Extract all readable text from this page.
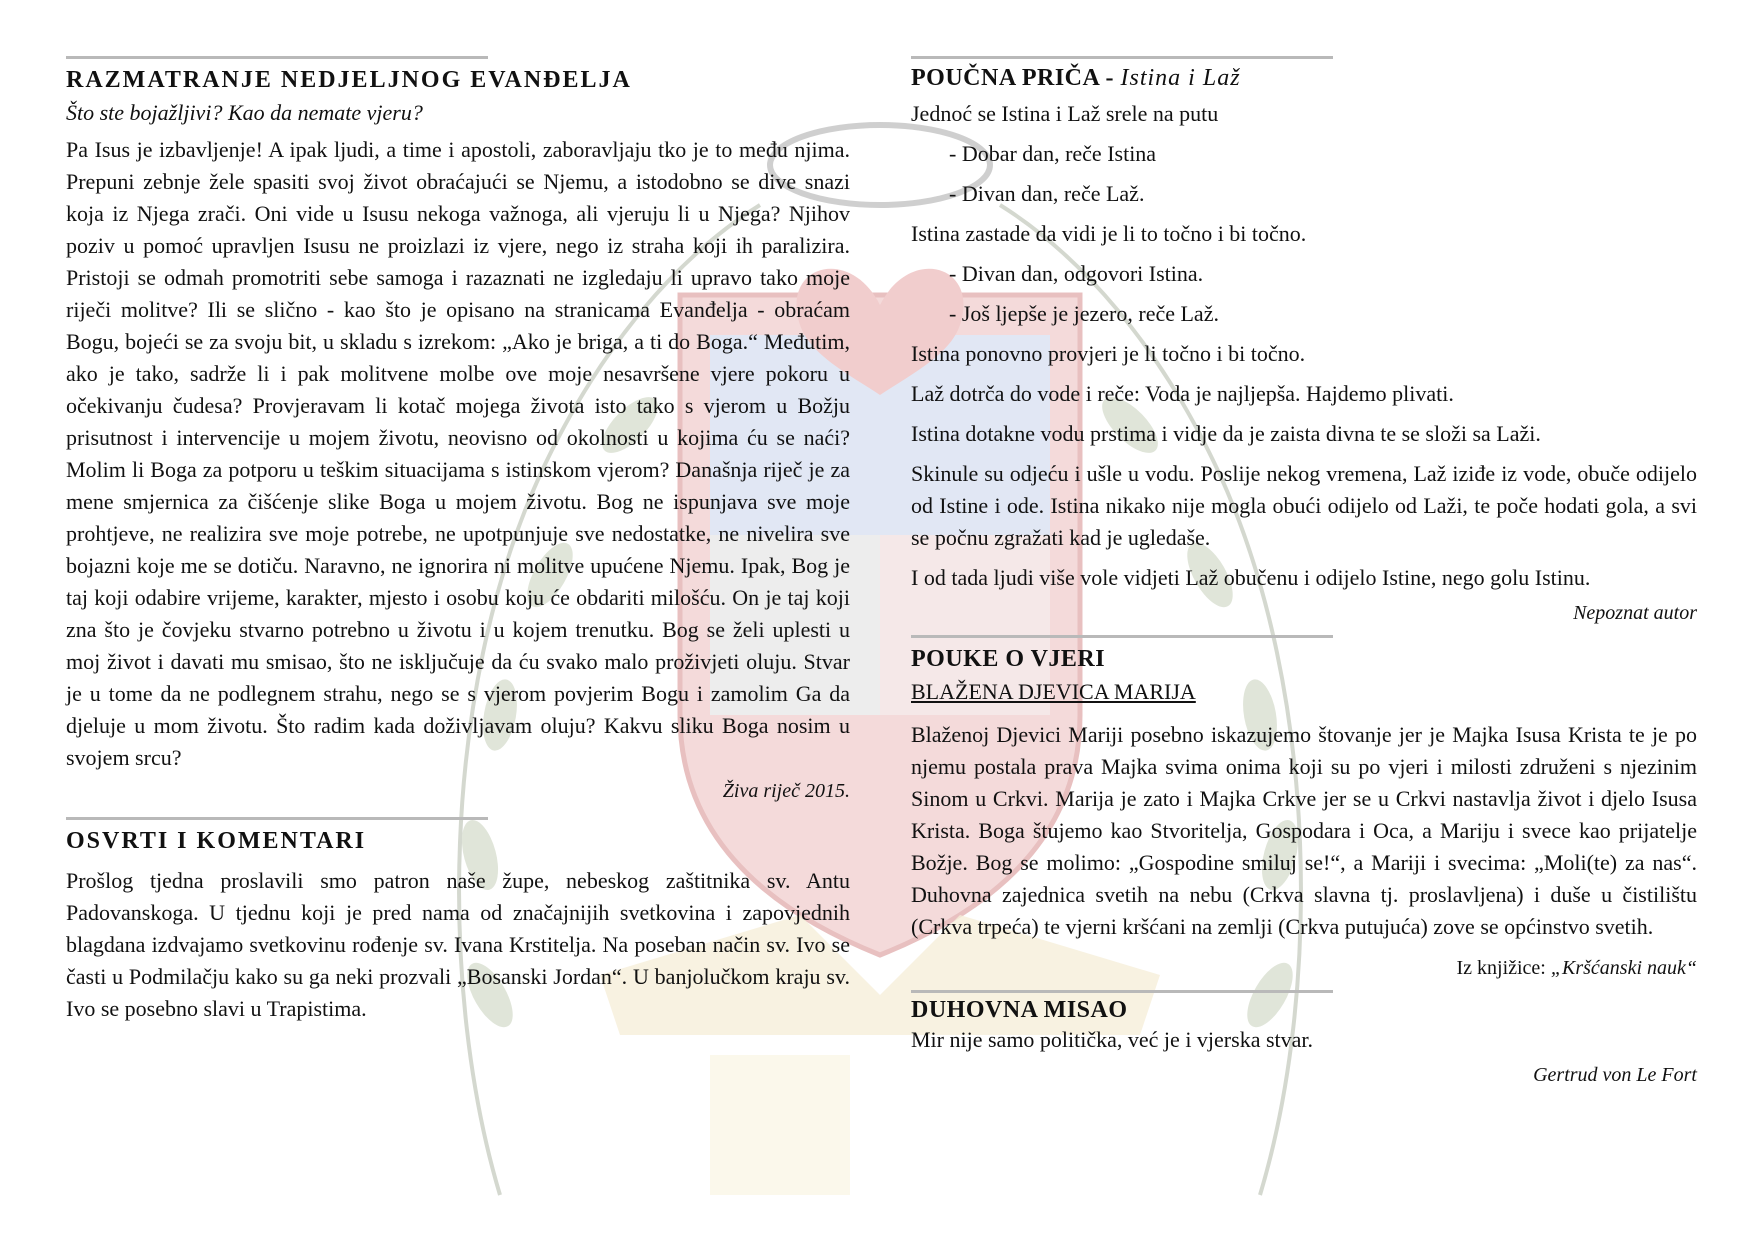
RAZMATRANJE NEDJELJNOG EVANĐELJA
Što ste bojažljivi? Kao da nemate vjeru?

Pa Isus je izbavljenje! A ipak ljudi, a time i apostoli, zaboravljaju tko je to među njima. Prepuni zebnje žele spasiti svoj život obraćajući se Njemu, a istodobno se dive snazi koja iz Njega zrači. Oni vide u Isusu nekoga važnoga, ali vjeruju li u Njega? Njihov poziv u pomoć upravljen Isusu ne proizlazi iz vjere, nego iz straha koji ih paralizira. Pristoji se odmah promotriti sebe samoga i razaznati ne izgledaju li upravo tako moje riječi molitve? Ili se slično - kao što je opisano na stranicama Evanđelja - obraćam Bogu, bojeći se za svoju bit, u skladu s izrekom: „Ako je briga, a ti do Boga.“ Međutim, ako je tako, sadrže li i pak molitvene molbe ove moje nesavršene vjere pokoru u očekivanju čudesa? Provjeravam li kotač mojega života isto tako s vjerom u Božju prisutnost i intervencije u mojem životu, neovisno od okolnosti u kojima ću se naći? Molim li Boga za potporu u teškim situacijama s istinskom vjerom? Današnja riječ je za mene smjernica za čišćenje slike Boga u mojem životu. Bog ne ispunjava sve moje prohtjeve, ne realizira sve moje potrebe, ne upotpunjuje sve nedostatke, ne nivelira sve bojazni koje me se dotiču. Naravno, ne ignorira ni molitve upućene Njemu. Ipak, Bog je taj koji odabire vrijeme, karakter, mjesto i osobu koju će obdariti milošću. On je taj koji zna što je čovjeku stvarno potrebno u životu i u kojem trenutku. Bog se želi uplesti u moj život i davati mu smisao, što ne isključuje da ću svako malo proživjeti oluju. Stvar je u tome da ne podlegnem strahu, nego se s vjerom povjerim Bogu i zamolim Ga da djeluje u mom životu. Što radim kada doživljavam oluju? Kakvu sliku Boga nosim u svojem srcu?

Živa riječ 2015.
OSVRTI I KOMENTARI

Prošlog tjedna proslavili smo patron naše župe, nebeskog zaštitnika sv. Antu Padovanskoga. U tjednu koji je pred nama od značajnijih svetkovina i zapovjednih blagdana izdvajamo svetkovinu rođenje sv. Ivana Krstitelja. Na poseban način sv. Ivo se časti u Podmilačju kako su ga neki prozvali „Bosanski Jordan“. U banjolučkom kraju sv. Ivo se posebno slavi u Trapistima.

POUČNA PRIČA - Istina i Laž

Jednoć se Istina i Laž srele na putu

- Dobar dan, reče Istina

- Divan dan, reče Laž.

Istina zastade da vidi je li to točno i bi točno.

- Divan dan, odgovori Istina.

- Još ljepše je jezero, reče Laž.

Istina ponovno provjeri je li točno i bi točno.

Laž dotrča do vode i reče: Voda je najljepša. Hajdemo plivati.

Istina dotakne vodu prstima i vidje da je zaista divna te se složi sa Laži.

Skinule su odjeću i ušle u vodu. Poslije nekog vremena, Laž iziđe iz vode, obuče odijelo od Istine i ode. Istina nikako nije mogla obući odijelo od Laži, te poče hodati gola, a svi se počnu zgražati kad je ugledaše.

I od tada ljudi više vole vidjeti Laž obučenu i odijelo Istine, nego golu Istinu.

Nepoznat autor
POUKE O VJERI
BLAŽENA DJEVICA MARIJA

Blaženoj Djevici Mariji posebno iskazujemo štovanje jer je Majka Isusa Krista te je po njemu postala prava Majka svima onima koji su po vjeri i milosti združeni s njezinim Sinom u Crkvi. Marija je zato i Majka Crkve jer se u Crkvi nastavlja život i djelo Isusa Krista. Boga štujemo kao Stvoritelja, Gospodara i Oca, a Mariju i svece kao prijatelje Božje. Bog se molimo: „Gospodine smiluj se!“, a Mariji i svecima: „Moli(te) za nas“. Duhovna zajednica svetih na nebu (Crkva slavna tj. proslavljena) i duše u čistilištu (Crkva trpeća) te vjerni kršćani na zemlji (Crkva putujuća) zove se općinstvo svetih.

Iz knjižice: „Kršćanski nauk“
DUHOVNA MISAO

Mir nije samo politička, već je i vjerska stvar.

Gertrud von Le Fort
